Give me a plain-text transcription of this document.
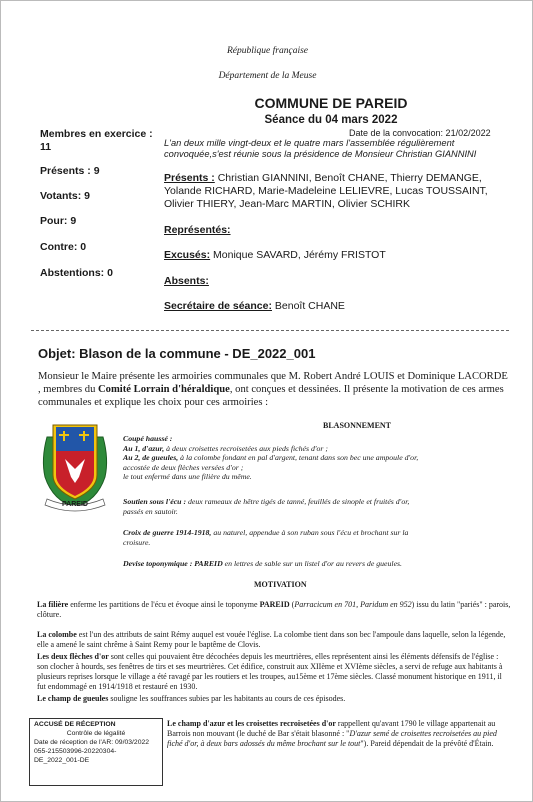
République française
Département de la Meuse
COMMUNE DE PAREID
Séance du 04 mars 2022
Membres en exercice :
11
Présents : 9
Votants: 9
Pour: 9
Contre: 0
Abstentions: 0
Date de la convocation: 21/02/2022
L'an deux mille vingt-deux et le quatre mars l'assemblée régulièrement convoquée,s'est réunie sous la présidence de Monsieur Christian GIANNINI
Présents : Christian GIANNINI, Benoît CHANE, Thierry DEMANGE, Yolande RICHARD, Marie-Madeleine LELIEVRE, Lucas TOUSSAINT, Olivier THIERY, Jean-Marc MARTIN, Olivier SCHIRK
Représentés:
Excusés: Monique SAVARD, Jérémy FRISTOT
Absents:
Secrétaire de séance: Benoît CHANE
Objet: Blason de la commune - DE_2022_001
Monsieur le Maire présente les armoiries communales que M. Robert André LOUIS et Dominique LACORDE , membres du Comité Lorrain d'héraldique, ont conçues et dessinées. Il présente la motivation de ces armes communales et explique les choix pour ces armoiries :
PAREID
BLASONNEMENT
Coupé haussé :
Au 1, d'azur, à deux croisettes recroisetées aux pieds fichés d'or ;
Au 2, de gueules, à la colombe fondant en pal d'argent, tenant dans son bec une ampoule d'or,
accostée de deux flèches versées d'or ;
le tout enfermé dans une filière du même.
Soutien sous l'écu : deux rameaux de hêtre tigés de tanné, feuillés de sinople et fruités d'or,
passés en sautoir.
Croix de guerre 1914-1918, au naturel, appendue à son ruban sous l'écu et brochant sur la
croisure.
Devise toponymique : PAREID en lettres de sable sur un listel d'or au revers de gueules.
MOTIVATION
La filière enferme les partitions de l'écu et évoque ainsi le toponyme PAREID (Parracicum en 701, Paridum en 952) issu du latin "pariés" : parois, clôture.
La colombe est l'un des attributs de saint Rémy auquel est vouée l'église. La colombe tient dans son bec l'ampoule dans laquelle, selon la légende, elle a amené le saint chrême à Saint Remy pour le baptême de Clovis.
Les deux flèches d'or sont celles qui pouvaient être décochées depuis les meurtrières, elles représentent ainsi les éléments défensifs de l'église : son clocher à hourds, ses fenêtres de tirs et ses meurtrières. Cet édifice, construit aux XIIème et XVIème siècles, a servi de refuge aux habitants à plusieurs reprises lorsque le village a été ravagé par les routiers et les troupes, au15ème et 17ème siècles. Classé monument historique en 1911, il fut endommagé en 1914/1918 et restauré en 1930.
Le champ de gueules souligne les souffrances subies par les habitants au cours de ces épisodes.
Le champ d'azur et les croisettes recroisetées d'or rappellent qu'avant 1790 le village appartenait au Barrois non mouvant (le duché de Bar s'était blasonné : "D'azur semé de croisettes recroisetées au pied fiché d'or, à deux bars adossés du même brochant sur le tout"). Pareid dépendait de la prévôté d'Étain.
ACCUSÉ DE RÉCEPTION
Contrôle de légalité
Date de réception de l'AR: 09/03/2022
055-215503996-20220304-DE_2022_001-DE
